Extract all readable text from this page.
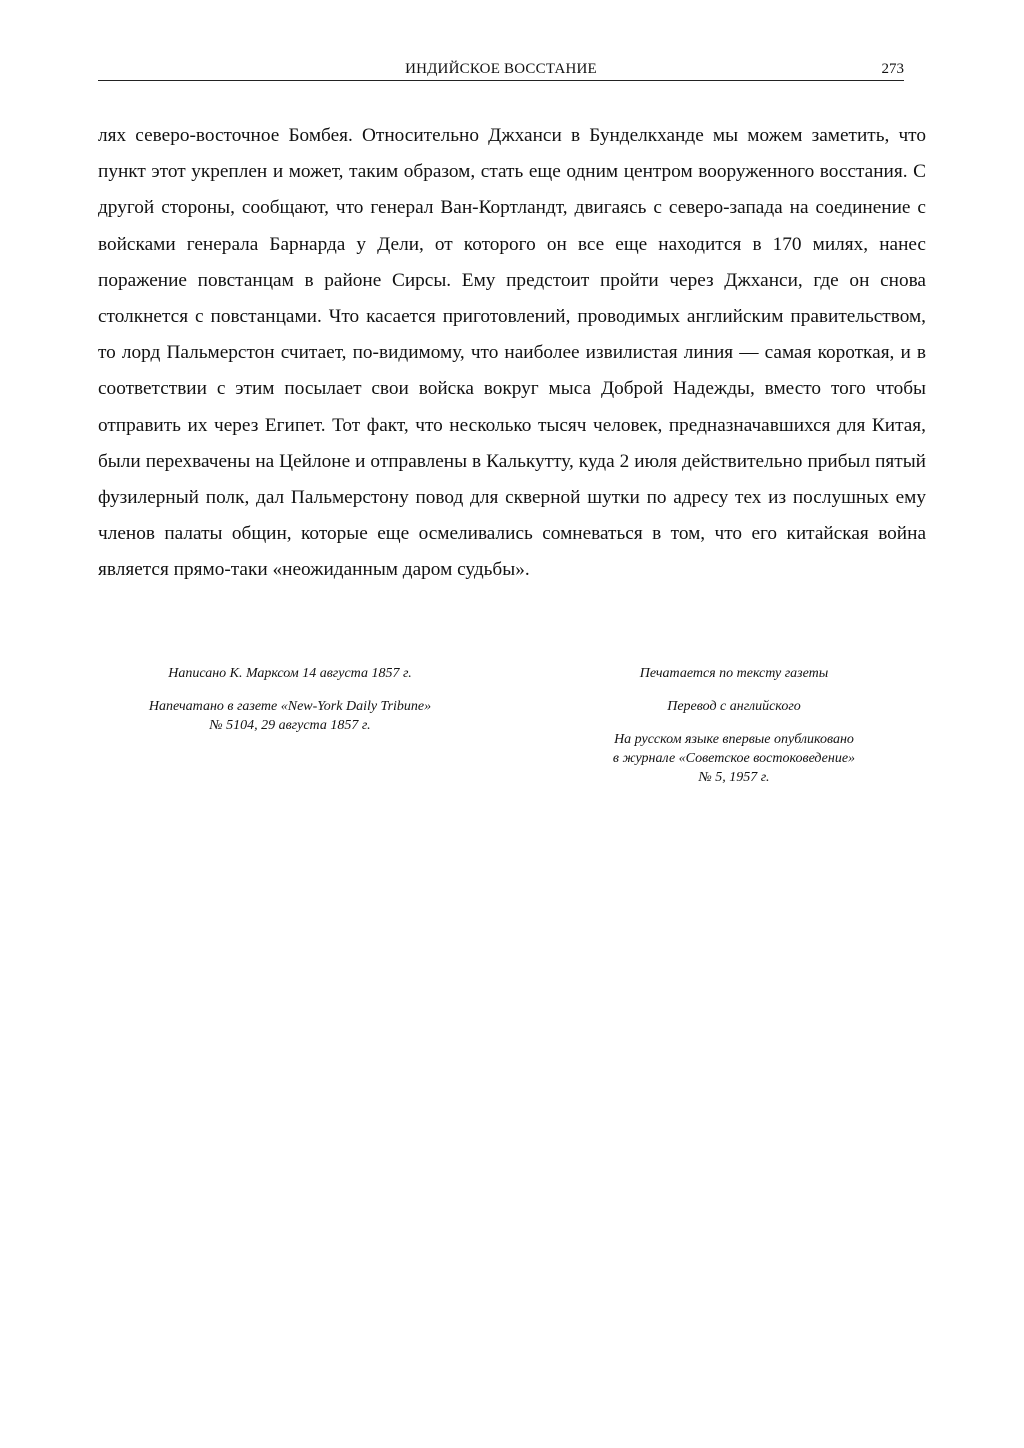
ИНДИЙСКОЕ ВОССТАНИЕ	273

лях северо-восточное Бомбея. Относительно Джханси в Бунделкханде мы можем заметить, что пункт этот укреплен и может, таким образом, стать еще одним центром вооруженного восстания. С другой стороны, сообщают, что генерал Ван-Кортландт, двигаясь с северо-запада на соединение с войсками генерала Барнарда у Дели, от которого он все еще находится в 170 милях, нанес поражение повстанцам в районе Сирсы. Ему предстоит пройти через Джханси, где он снова столкнется с повстанцами. Что касается приготовлений, проводимых английским правительством, то лорд Пальмерстон считает, по-видимому, что наиболее извилистая линия — самая короткая, и в соответствии с этим посылает свои войска вокруг мыса Доброй Надежды, вместо того чтобы отправить их через Египет. Тот факт, что несколько тысяч человек, предназначавшихся для Китая, были перехвачены на Цейлоне и отправлены в Калькутту, куда 2 июля действительно прибыл пятый фузилерный полк, дал Пальмерстону повод для скверной шутки по адресу тех из послушных ему членов палаты общин, которые еще осмеливались сомневаться в том, что его китайская война является прямо-таки «неожиданным даром судьбы».

Написано К. Марксом 14 августа 1857 г.

Напечатано в газете «New-York Daily Tribune»
№ 5104, 29 августа 1857 г.

Печатается по тексту газеты

Перевод с английского

На русском языке впервые опубликовано
в журнале «Советское востоковедение»
№ 5, 1957 г.
